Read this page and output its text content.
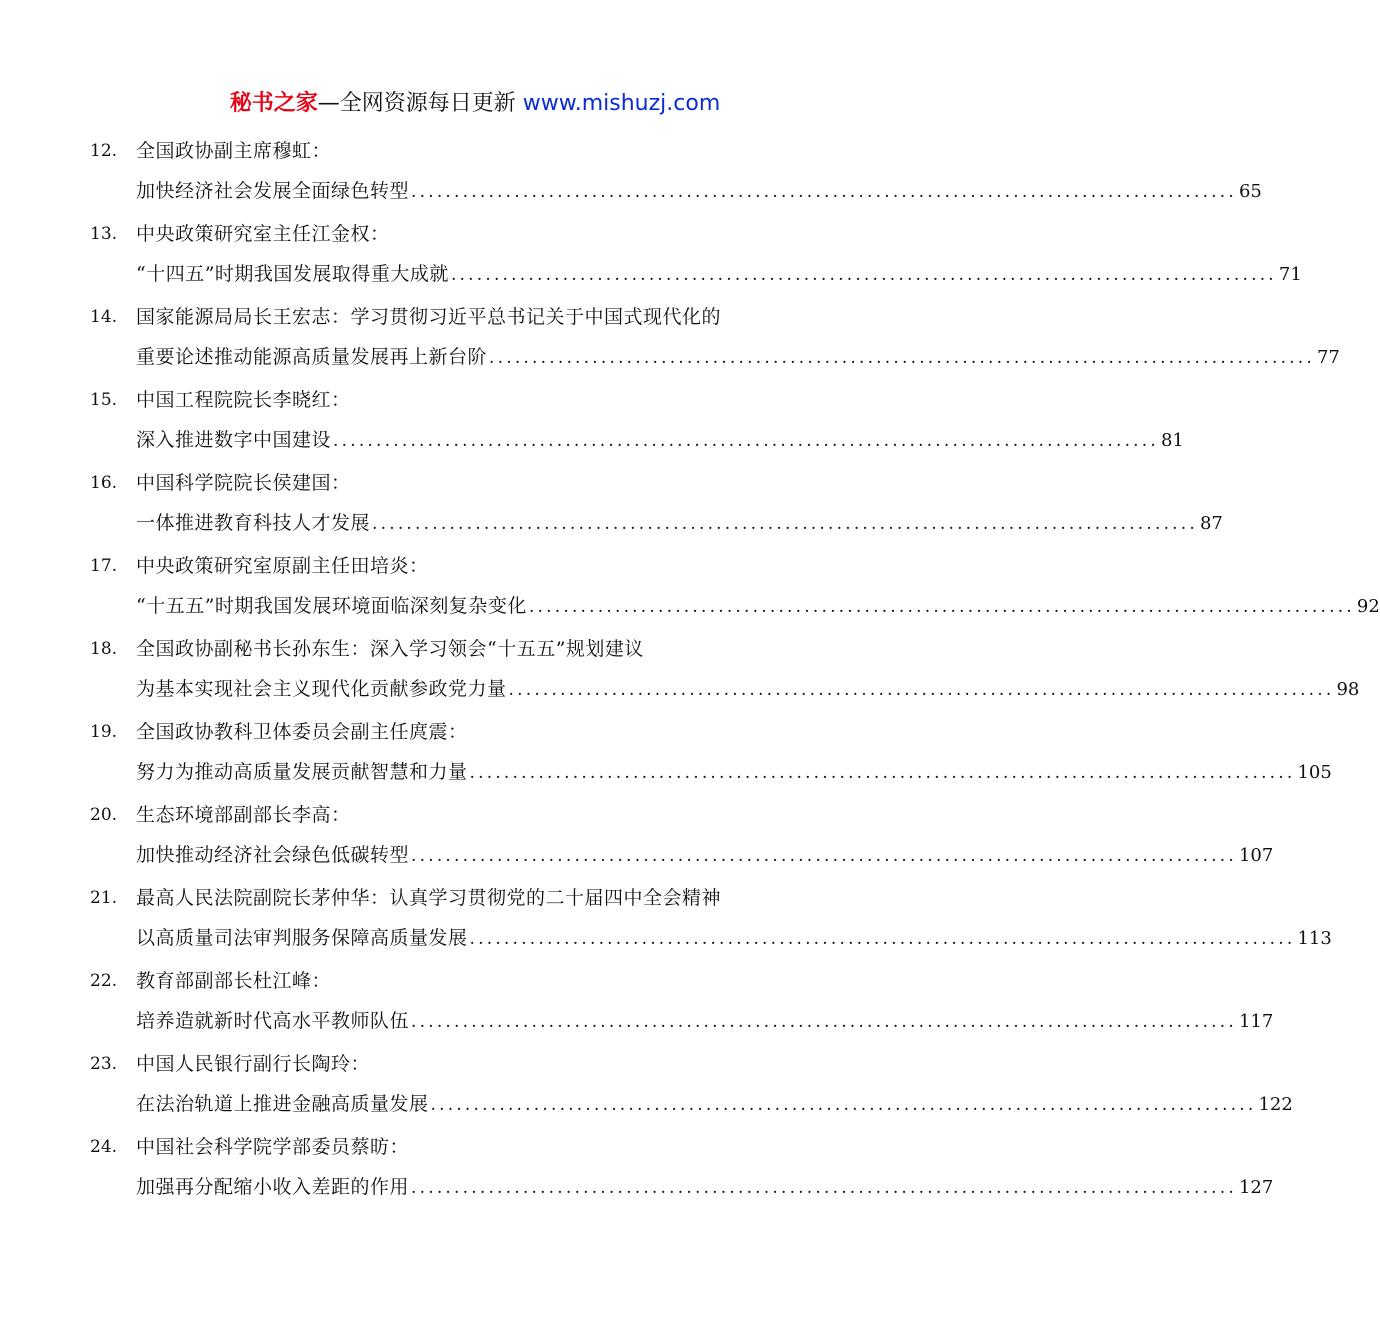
秘书之家—全网资源每日更新 www.mishuzj.com
12. 全国政协副主席穆虹：
加快经济社会发展全面绿色转型 ................................................................................................ 65
13. 中央政策研究室主任江金权：
“十四五”时期我国发展取得重大成就 ................................................................................................ 71
14. 国家能源局局长王宏志：学习贯彻习近平总书记关于中国式现代化的
重要论述推动能源高质量发展再上新台阶 ................................................................................................ 77
15. 中国工程院院长李晓红：
深入推进数字中国建设 ................................................................................................ 81
16. 中国科学院院长侯建国：
一体推进教育科技人才发展 ................................................................................................ 87
17. 中央政策研究室原副主任田培炎：
“十五五”时期我国发展环境面临深刻复杂变化 ................................................................................................ 92
18. 全国政协副秘书长孙东生：深入学习领会“十五五”规划建议
为基本实现社会主义现代化贡献参政党力量 ................................................................................................ 98
19. 全国政协教科卫体委员会副主任庹震：
努力为推动高质量发展贡献智慧和力量 ................................................................................................ 105
20. 生态环境部副部长李高：
加快推动经济社会绿色低碳转型 ................................................................................................ 107
21. 最高人民法院副院长茅仲华：认真学习贯彻党的二十届四中全会精神
以高质量司法审判服务保障高质量发展 ................................................................................................ 113
22. 教育部副部长杜江峰：
培养造就新时代高水平教师队伍 ................................................................................................ 117
23. 中国人民银行副行长陶玲：
在法治轨道上推进金融高质量发展 ................................................................................................ 122
24. 中国社会科学院学部委员蔡昉：
加强再分配缩小收入差距的作用 ................................................................................................ 127
